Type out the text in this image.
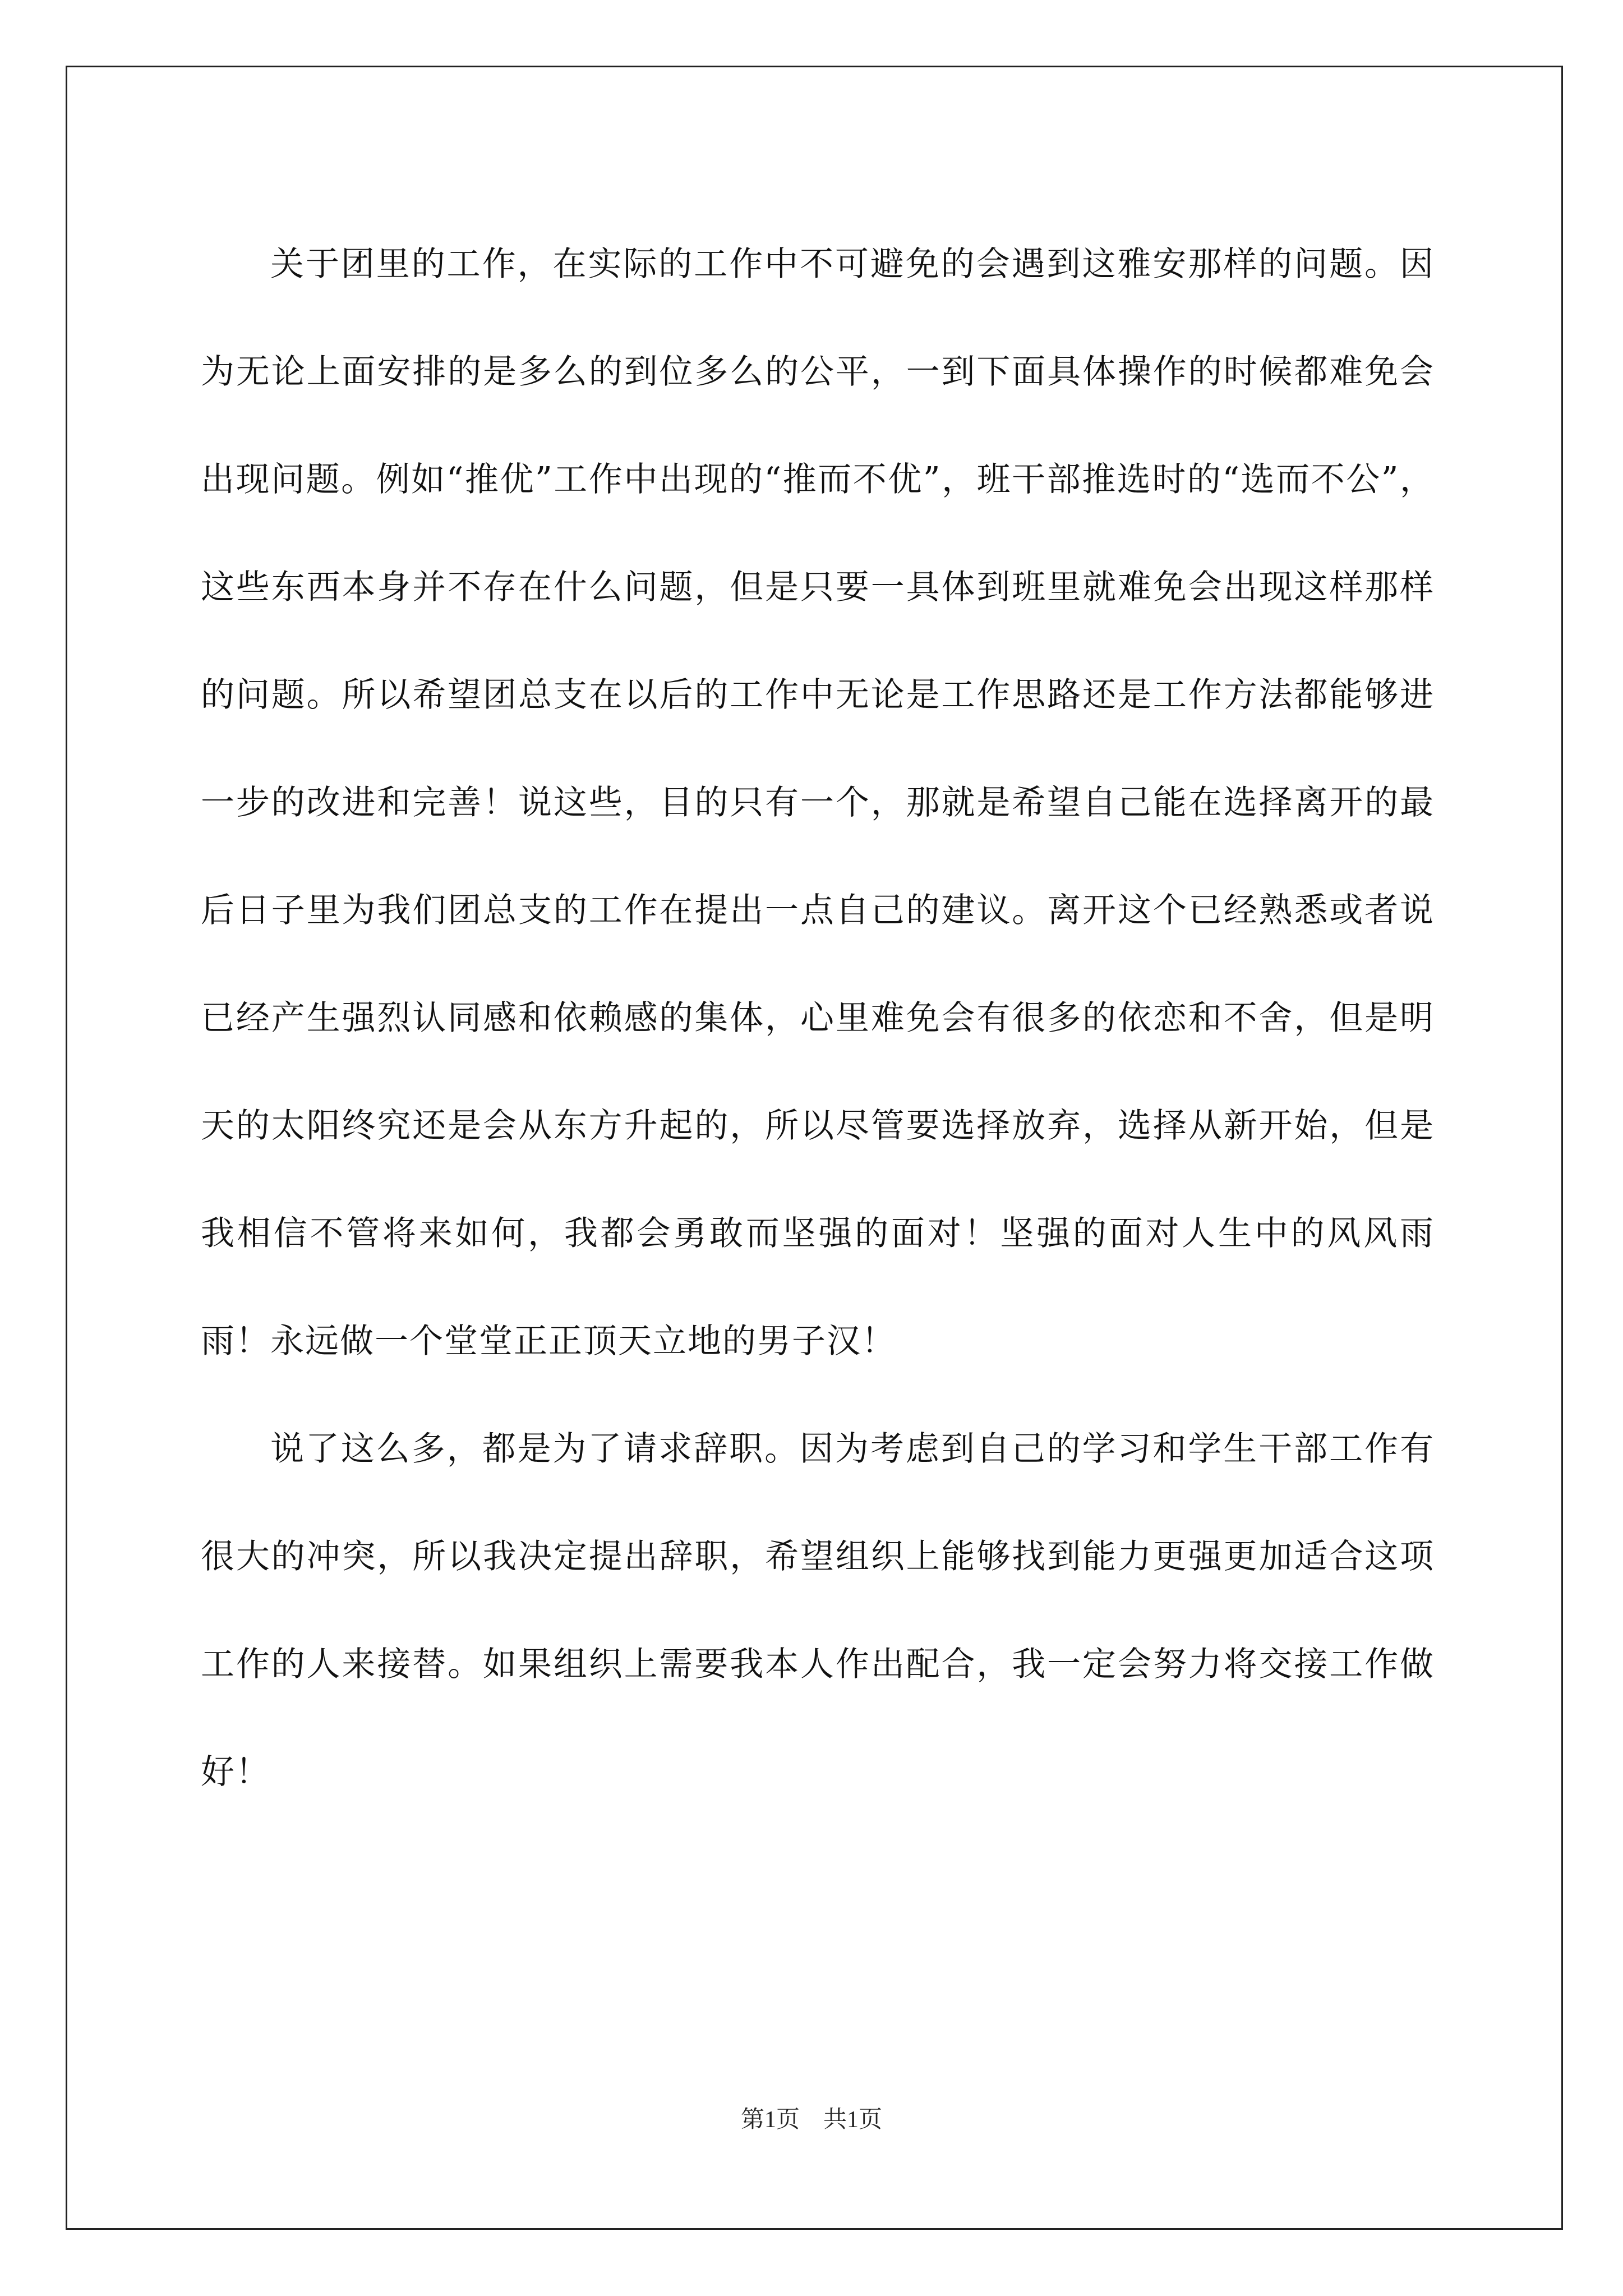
关于团里的工作，在实际的工作中不可避免的会遇到这雅安那样的问题。因为无论上面安排的是多么的到位多么的公平，一到下面具体操作的时候都难免会出现问题。例如“推优”工作中出现的“推而不优”，班干部推选时的“选而不公”，这些东西本身并不存在什么问题，但是只要一具体到班里就难免会出现这样那样的问题。所以希望团总支在以后的工作中无论是工作思路还是工作方法都能够进一步的改进和完善！说这些，目的只有一个，那就是希望自己能在选择离开的最后日子里为我们团总支的工作在提出一点自己的建议。离开这个已经熟悉或者说已经产生强烈认同感和依赖感的集体，心里难免会有很多的依恋和不舍，但是明天的太阳终究还是会从东方升起的，所以尽管要选择放弃，选择从新开始，但是我相信不管将来如何，我都会勇敢而坚强的面对！坚强的面对人生中的风风雨雨！永远做一个堂堂正正顶天立地的男子汉！

说了这么多，都是为了请求辞职。因为考虑到自己的学习和学生干部工作有很大的冲突，所以我决定提出辞职，希望组织上能够找到能力更强更加适合这项工作的人来接替。如果组织上需要我本人作出配合，我一定会努力将交接工作做好！

第1页　共1页
